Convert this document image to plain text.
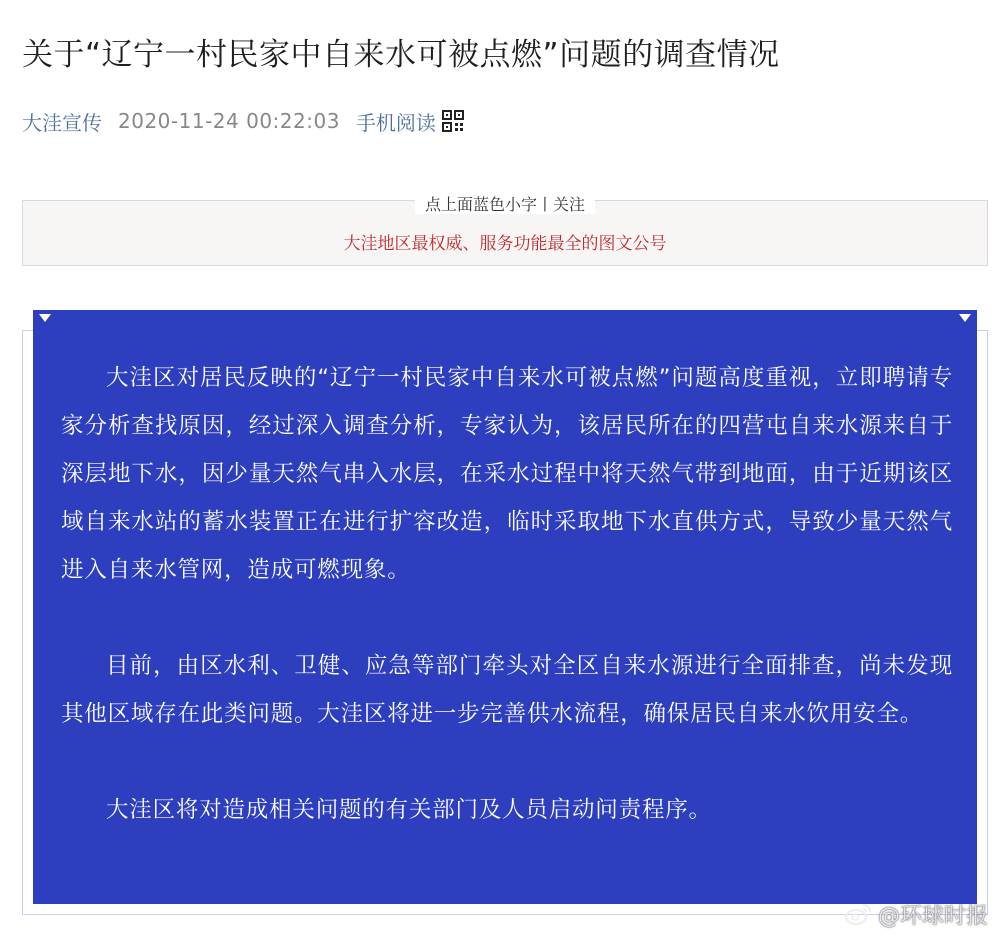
关于“辽宁一村民家中自来水可被点燃”问题的调查情况
大洼宣传 2020-11-24 00:22:03 手机阅读
点上面蓝色小字丨关注
大洼地区最权威、服务功能最全的图文公号

大洼区对居民反映的“辽宁一村民家中自来水可被点燃”问题高度重视，立即聘请专家分析查找原因，经过深入调查分析，专家认为，该居民所在的四营屯自来水源来自于深层地下水，因少量天然气串入水层，在采水过程中将天然气带到地面，由于近期该区域自来水站的蓄水装置正在进行扩容改造，临时采取地下水直供方式，导致少量天然气进入自来水管网，造成可燃现象。

目前，由区水利、卫健、应急等部门牵头对全区自来水源进行全面排查，尚未发现其他区域存在此类问题。大洼区将进一步完善供水流程，确保居民自来水饮用安全。

大洼区将对造成相关问题的有关部门及人员启动问责程序。

@环球时报
